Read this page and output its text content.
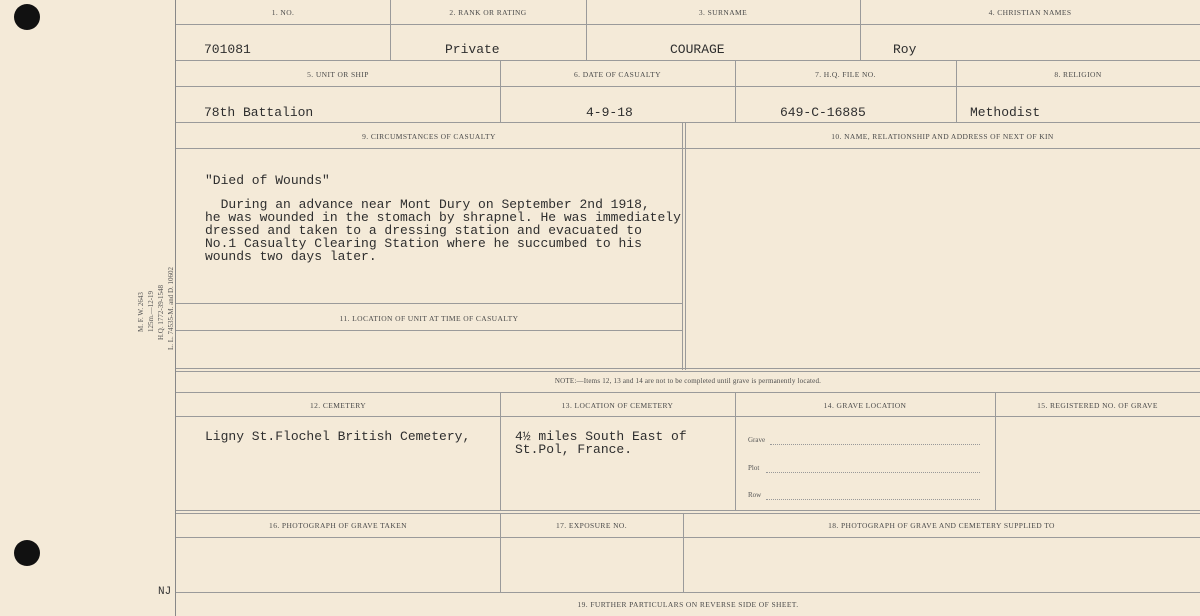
M. F. W. 2643 125m.—12-19 H.Q. 1772-39-1548 L. L. 74535-M. and D. 10602
NJ
1. NO.	2. RANK OR RATING	3. SURNAME	4. CHRISTIAN NAMES
701081	Private	COURAGE	Roy
5. UNIT OR SHIP	6. DATE OF CASUALTY	7. H.Q. FILE NO.	8. RELIGION
78th Battalion	4-9-18	649-C-16885	Methodist
9. CIRCUMSTANCES OF CASUALTY	10. NAME, RELATIONSHIP AND ADDRESS OF NEXT OF KIN
11. LOCATION OF UNIT AT TIME OF CASUALTY
"Died of Wounds"
During an advance near Mont Dury on September 2nd 1918,
he was wounded in the stomach by shrapnel. He was immediately
dressed and taken to a dressing station and evacuated to
No.1 Casualty Clearing Station where he succumbed to his
wounds two days later.
NOTE:—Items 12, 13 and 14 are not to be completed until grave is permanently located.
12. CEMETERY	13. LOCATION OF CEMETERY	14. GRAVE LOCATION	15. REGISTERED NO. OF GRAVE
Ligny St.Flochel British Cemetery,	4½ miles South East of
St.Pol, France.
Grave
Plot
Row
16. PHOTOGRAPH OF GRAVE TAKEN	17. EXPOSURE NO.	18. PHOTOGRAPH OF GRAVE AND CEMETERY SUPPLIED TO
19. FURTHER PARTICULARS ON REVERSE SIDE OF SHEET.
